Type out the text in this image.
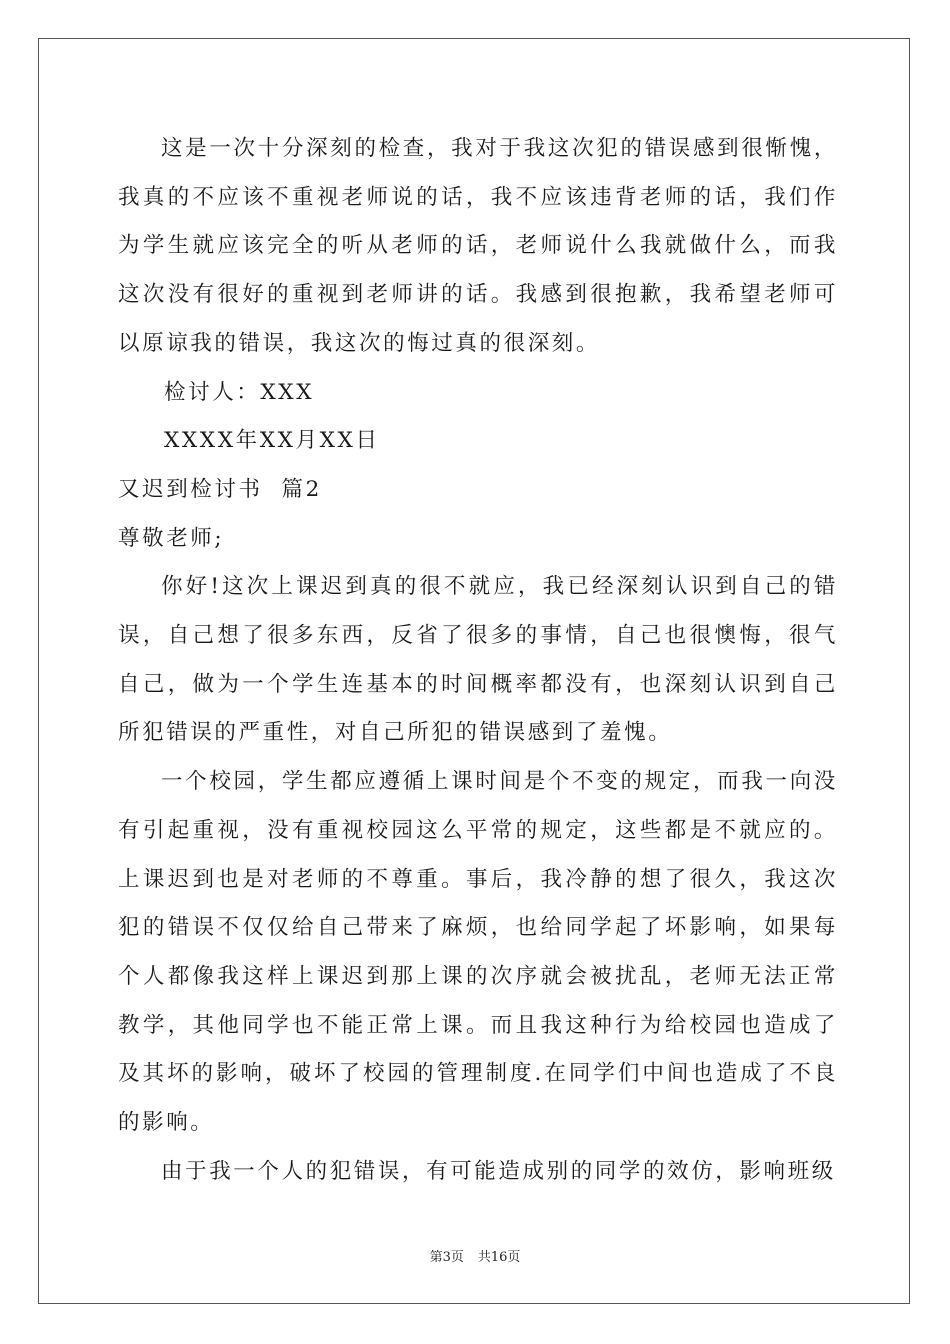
这是一次十分深刻的检查，我对于我这次犯的错误感到很惭愧，我真的不应该不重视老师说的话，我不应该违背老师的话，我们作为学生就应该完全的听从老师的话，老师说什么我就做什么，而我这次没有很好的重视到老师讲的话。我感到很抱歉，我希望老师可以原谅我的错误，我这次的悔过真的很深刻。

检讨人：XXX

XXXX年XX月XX日

又迟到检讨书  篇2

尊敬老师;

你好!这次上课迟到真的很不就应，我已经深刻认识到自己的错误，自己想了很多东西，反省了很多的事情，自己也很懊悔，很气自己，做为一个学生连基本的时间概率都没有，也深刻认识到自己所犯错误的严重性，对自己所犯的错误感到了羞愧。

一个校园，学生都应遵循上课时间是个不变的规定，而我一向没有引起重视，没有重视校园这么平常的规定，这些都是不就应的。上课迟到也是对老师的不尊重。事后，我冷静的想了很久，我这次犯的错误不仅仅给自己带来了麻烦，也给同学起了坏影响，如果每个人都像我这样上课迟到那上课的次序就会被扰乱，老师无法正常教学，其他同学也不能正常上课。而且我这种行为给校园也造成了及其坏的影响，破坏了校园的管理制度.在同学们中间也造成了不良的影响。

由于我一个人的犯错误，有可能造成别的同学的效仿，影响班级

第3页 共16页
